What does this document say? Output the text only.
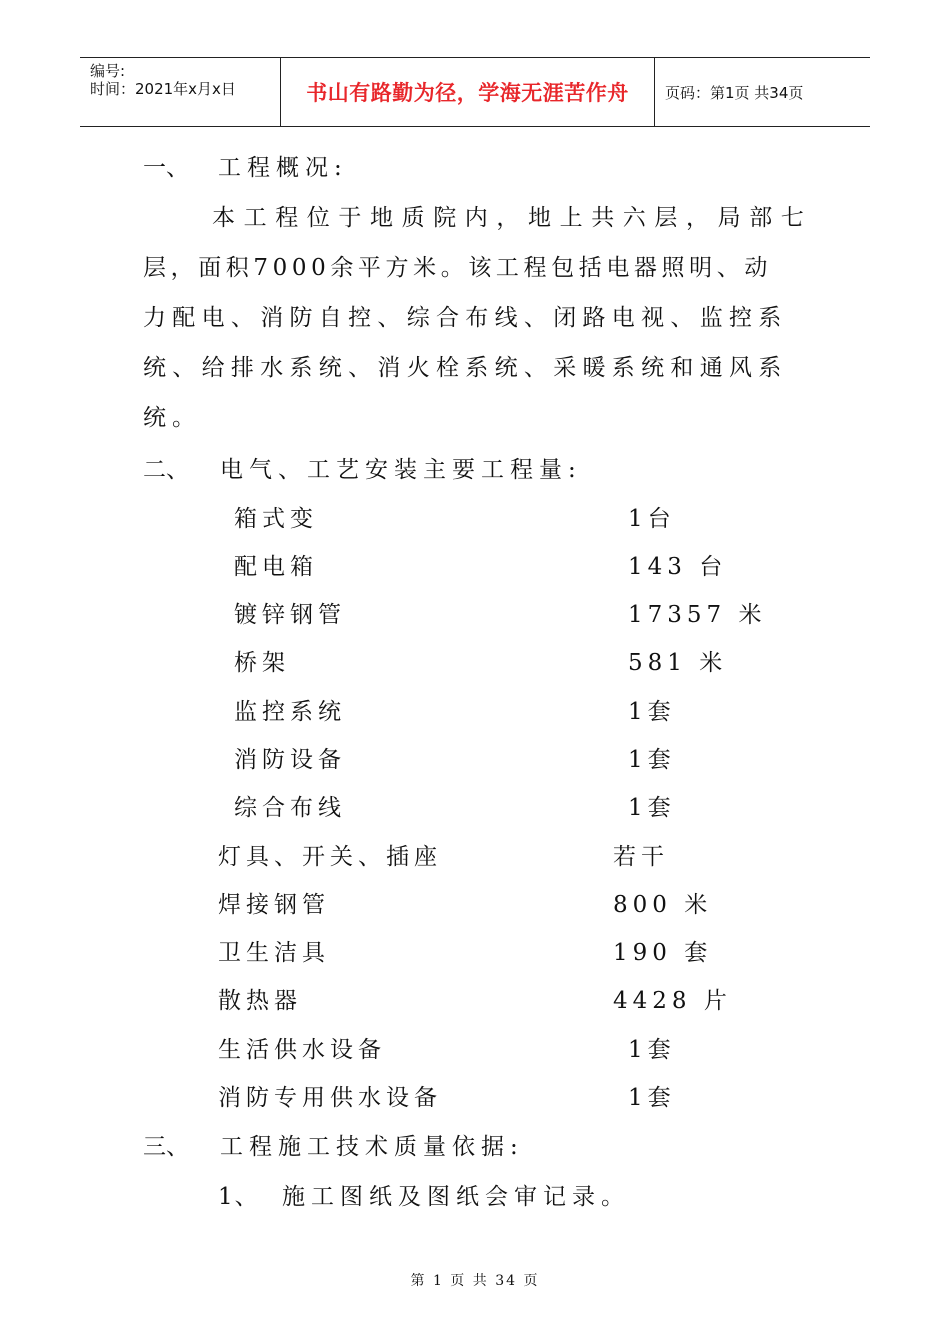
编号:
时间：2021年x月x日	书山有路勤为径，学海无涯苦作舟	页码：第1页 共34页
一、 工程概况:
本工程位于地质院内，地上共六层，局部七
层，面积7000余平方米。该工程包括电器照明、动
力配电、消防自控、综合布线、闭路电视、监控系
统、给排水系统、消火栓系统、采暖系统和通风系
统。
二、 电气、工艺安装主要工程量:
箱式变	1台
配电箱	143 台
镀锌钢管	17357 米
桥架	581 米
监控系统	1套
消防设备	1套
综合布线	1套
灯具、开关、插座	若干
焊接钢管	800 米
卫生洁具	190 套
散热器	4428 片
生活供水设备	1套
消防专用供水设备	1套
三、 工程施工技术质量依据:
1、 施工图纸及图纸会审记录。
第 1 页 共 34 页
